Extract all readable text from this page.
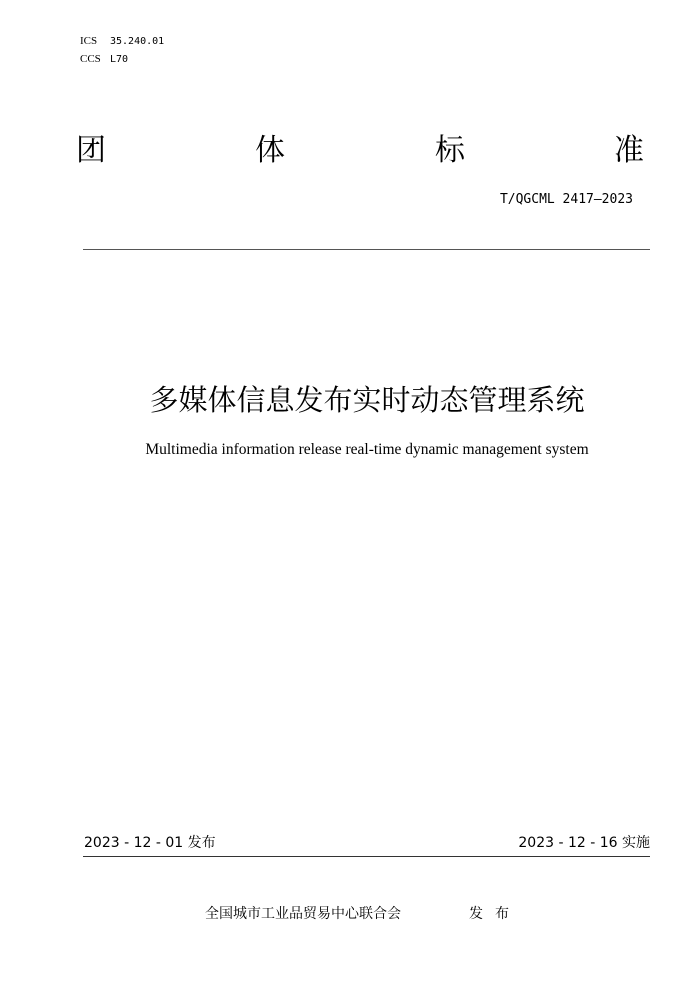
ICS 35.240.01
CCS L70
团	体	标	准
T/QGCML 2417—2023
多媒体信息发布实时动态管理系统
Multimedia information release real-time dynamic management system
2023 - 12 - 01 发布	2023 - 12 - 16 实施
全国城市工业品贸易中心联合会	发布
